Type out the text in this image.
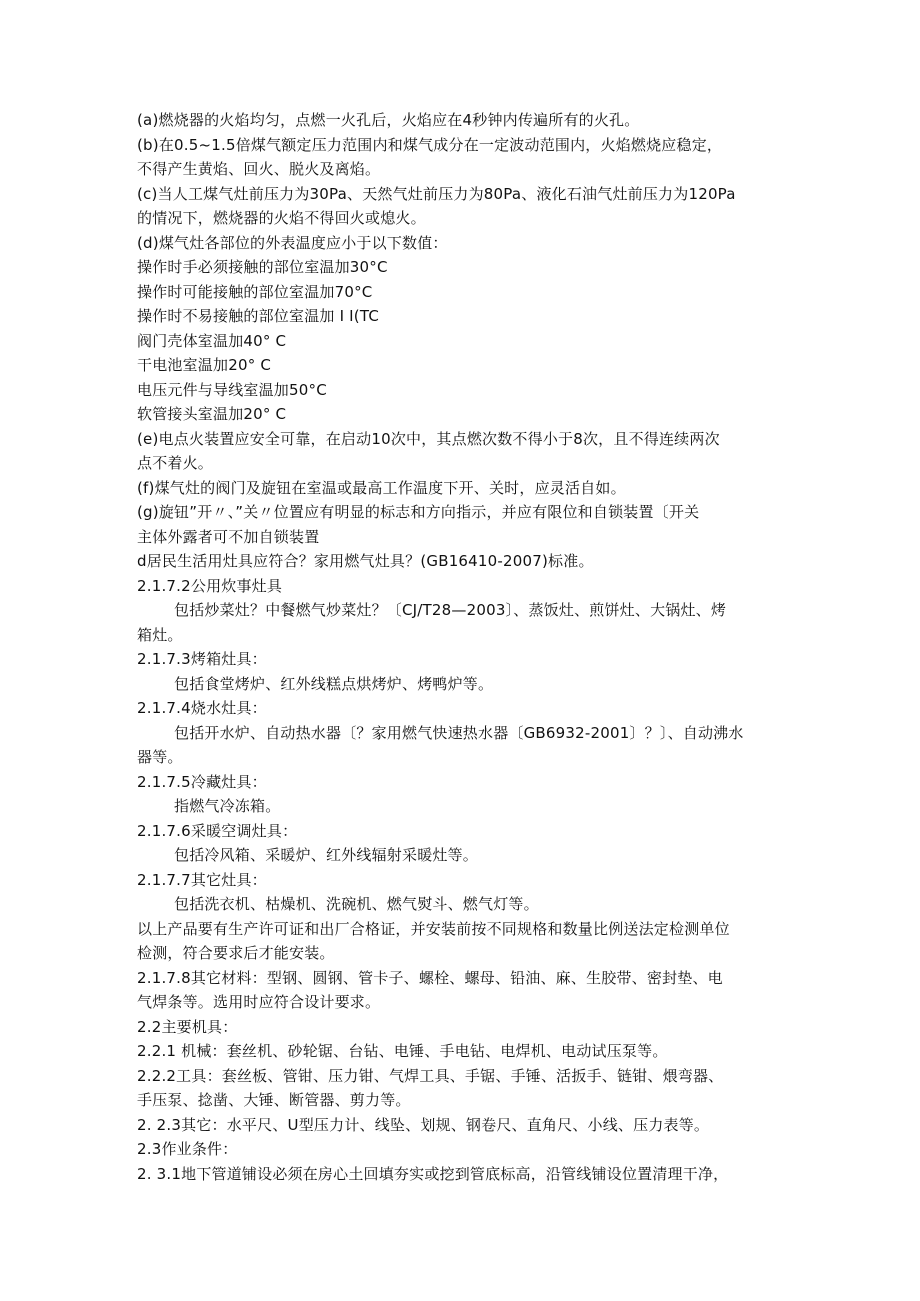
(a)燃烧器的火焰均匀，点燃一火孔后，火焰应在4秒钟内传遍所有的火孔。
(b)在0.5~1.5倍煤气额定压力范围内和煤气成分在一定波动范围内，火焰燃烧应稳定，
不得产生黄焰、回火、脱火及离焰。
(c)当人工煤气灶前压力为30Pa、天然气灶前压力为80Pa、液化石油气灶前压力为120Pa
的情况下，燃烧器的火焰不得回火或熄火。
(d)煤气灶各部位的外表温度应小于以下数值：
操作时手必须接触的部位室温加30°C
操作时可能接触的部位室温加70°C
操作时不易接触的部位室温加 I I(TC
阀门壳体室温加40° C
干电池室温加20° C
电压元件与导线室温加50°C
软管接头室温加20° C
(e)电点火装置应安全可靠，在启动10次中，其点燃次数不得小于8次，且不得连续两次
点不着火。
(f)煤气灶的阀门及旋钮在室温或最高工作温度下开、关时，应灵活自如。
(g)旋钮”开〃、”关〃位置应有明显的标志和方向指示，并应有限位和自锁装置〔开关
主体外露者可不加自锁装置
d居民生活用灶具应符合？家用燃气灶具？(GB16410-2007)标准。
2.1.7.2公用炊事灶具
包括炒菜灶？中餐燃气炒菜灶？〔CJ/T28—2003〕、蒸饭灶、煎饼灶、大锅灶、烤
箱灶。
2.1.7.3烤箱灶具：
包括食堂烤炉、红外线糕点烘烤炉、烤鸭炉等。
2.1.7.4烧水灶具：
包括开水炉、自动热水器〔？家用燃气快速热水器〔GB6932-2001〕？〕、自动沸水
器等。
2.1.7.5冷藏灶具：
指燃气冷冻箱。
2.1.7.6采暖空调灶具：
包括冷风箱、采暖炉、红外线辐射采暖灶等。
2.1.7.7其它灶具：
包括洗衣机、枯燥机、洗碗机、燃气熨斗、燃气灯等。
以上产品要有生产许可证和出厂合格证，并安装前按不同规格和数量比例送法定检测单位
检测，符合要求后才能安装。
2.1.7.8其它材料：型钢、圆钢、管卡子、螺栓、螺母、铅油、麻、生胶带、密封垫、电
气焊条等。选用时应符合设计要求。
2.2主要机具：
2.2.1 机械：套丝机、砂轮锯、台钻、电锤、手电钻、电焊机、电动试压泵等。
2.2.2工具：套丝板、管钳、压力钳、气焊工具、手锯、手锤、活扳手、链钳、煨弯器、
手压泵、捻凿、大锤、断管器、剪力等。
2. 2.3其它：水平尺、U型压力计、线坠、划规、钢卷尺、直角尺、小线、压力表等。
2.3作业条件：
2. 3.1地下管道铺设必须在房心土回填夯实或挖到管底标高，沿管线铺设位置清理干净，
